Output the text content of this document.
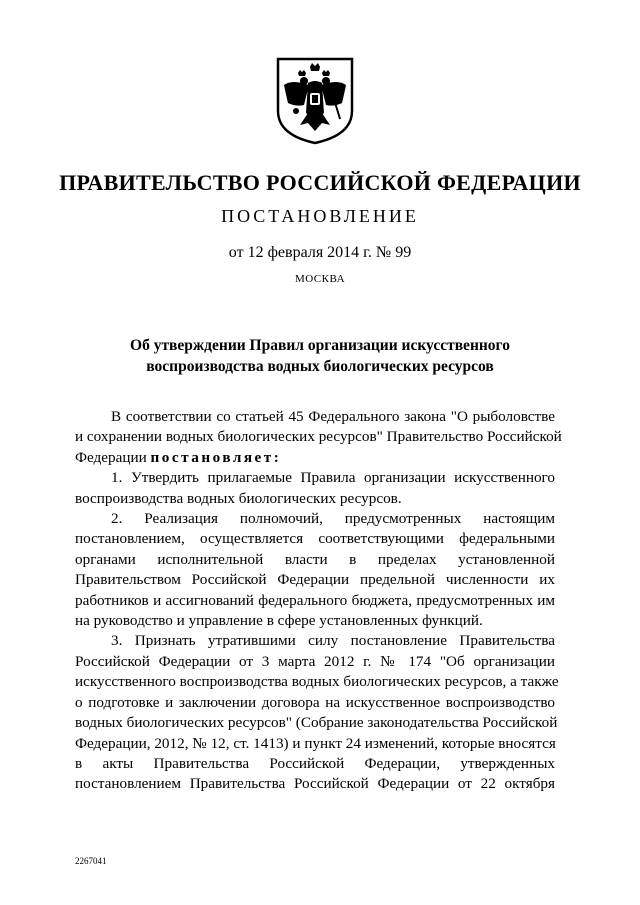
ПРАВИТЕЛЬСТВО РОССИЙСКОЙ ФЕДЕРАЦИИ
ПОСТАНОВЛЕНИЕ
от 12 февраля 2014 г. № 99
МОСКВА
Об утверждении Правил организации искусственного
воспроизводства водных биологических ресурсов
В соответствии со статьей 45 Федерального закона "О рыболовстве
и сохранении водных биологических ресурсов" Правительство Российской
Федерации постановляет:
1. Утвердить прилагаемые Правила организации искусственного
воспроизводства водных биологических ресурсов.
2. Реализация полномочий, предусмотренных настоящим
постановлением, осуществляется соответствующими федеральными
органами исполнительной власти в пределах установленной
Правительством Российской Федерации предельной численности их
работников и ассигнований федерального бюджета, предусмотренных им
на руководство и управление в сфере установленных функций.
3. Признать утратившими силу постановление Правительства
Российской Федерации от 3 марта 2012 г. № 174 "Об организации
искусственного воспроизводства водных биологических ресурсов, а также
о подготовке и заключении договора на искусственное воспроизводство
водных биологических ресурсов" (Собрание законодательства Российской
Федерации, 2012, № 12, ст. 1413) и пункт 24 изменений, которые вносятся
в акты Правительства Российской Федерации, утвержденных
постановлением Правительства Российской Федерации от 22 октября
2267041
